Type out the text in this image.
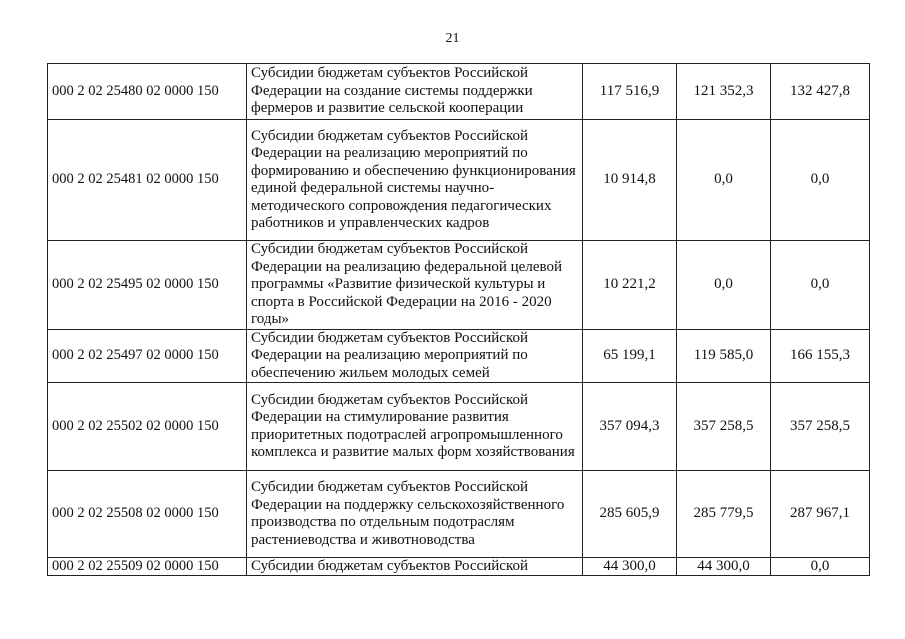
21
000 2 02 25480 02 0000 150	Субсидии бюджетам субъектов Российской Федерации на создание системы поддержки фермеров и развитие сельской кооперации	117 516,9	121 352,3	132 427,8
000 2 02 25481 02 0000 150	Субсидии бюджетам субъектов Российской Федерации на реализацию мероприятий по формированию и обеспечению функционирования единой федеральной системы научно-методического сопровождения педагогических работников и управленческих кадров	10 914,8	0,0	0,0
000 2 02 25495 02 0000 150	Субсидии бюджетам субъектов Российской Федерации на реализацию федеральной целевой программы «Развитие физической культуры и спорта в Российской Федерации на 2016 - 2020 годы»	10 221,2	0,0	0,0
000 2 02 25497 02 0000 150	Субсидии бюджетам субъектов Российской Федерации на реализацию мероприятий по обеспечению жильем молодых семей	65 199,1	119 585,0	166 155,3
000 2 02 25502 02 0000 150	Субсидии бюджетам субъектов Российской Федерации на стимулирование развития приоритетных подотраслей агропромышленного комплекса и развитие малых форм хозяйствования	357 094,3	357 258,5	357 258,5
000 2 02 25508 02 0000 150	Субсидии бюджетам субъектов Российской Федерации на поддержку сельскохозяйственного производства по отдельным подотраслям растениеводства и животноводства	285 605,9	285 779,5	287 967,1
000 2 02 25509 02 0000 150	Субсидии бюджетам субъектов Российской	44 300,0	44 300,0	0,0
